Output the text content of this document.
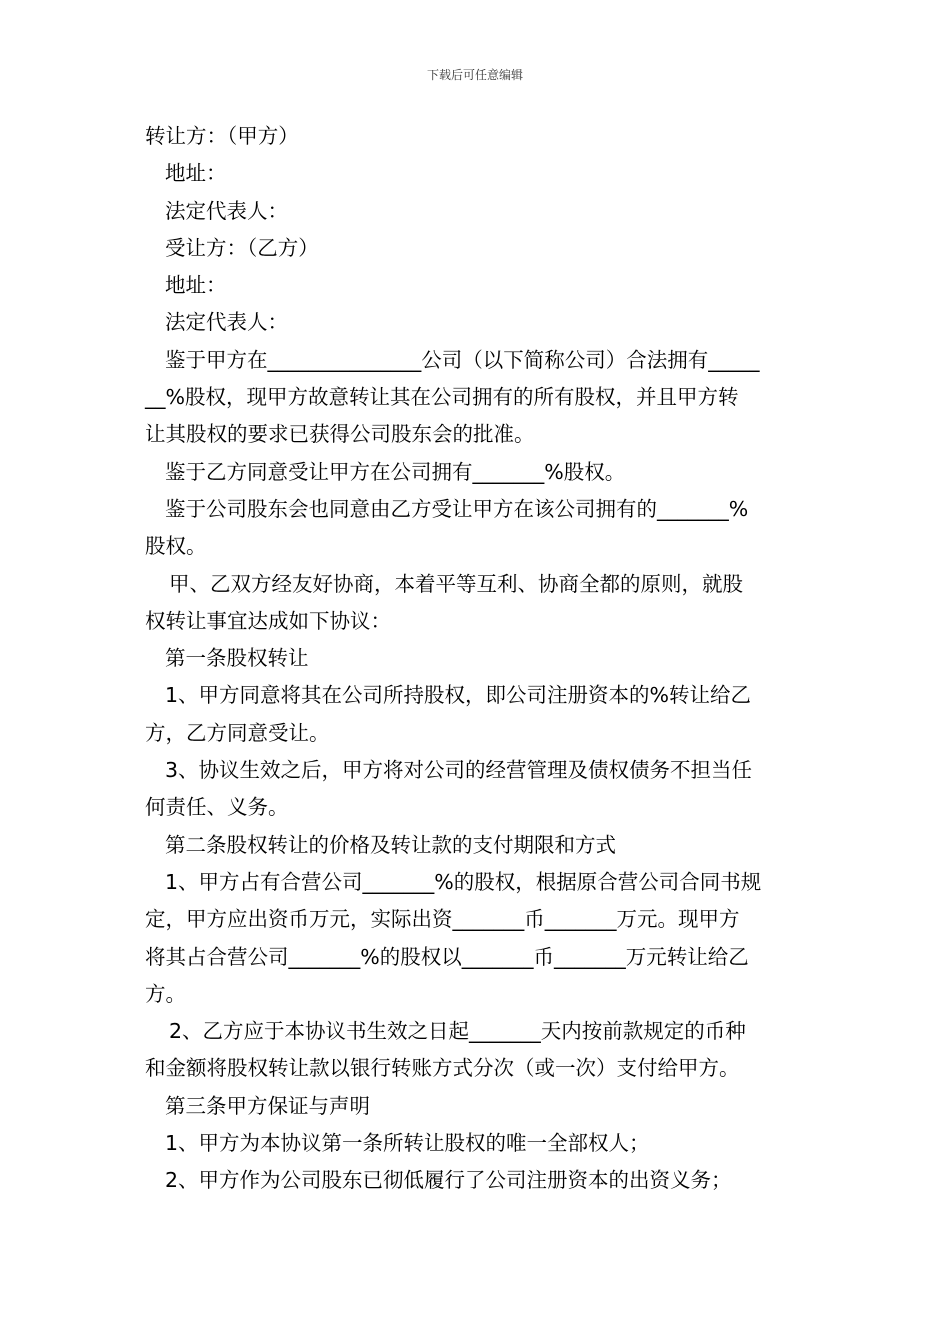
下载后可任意编辑
转让方：（甲方）
地址：
法定代表人：
受让方：（乙方）
地址：
法定代表人：
鉴于甲方在_______________公司（以下简称公司）合法拥有_____
__%股权，现甲方故意转让其在公司拥有的所有股权，并且甲方转
让其股权的要求已获得公司股东会的批准。
鉴于乙方同意受让甲方在公司拥有_______%股权。
鉴于公司股东会也同意由乙方受让甲方在该公司拥有的_______%
股权。
甲、乙双方经友好协商，本着平等互利、协商全都的原则，就股
权转让事宜达成如下协议：
第一条股权转让
1、甲方同意将其在公司所持股权，即公司注册资本的%转让给乙
方，乙方同意受让。
3、协议生效之后，甲方将对公司的经营管理及债权债务不担当任
何责任、义务。
第二条股权转让的价格及转让款的支付期限和方式
1、甲方占有合营公司_______%的股权，根据原合营公司合同书规
定，甲方应出资币万元，实际出资_______币_______万元。现甲方
将其占合营公司_______%的股权以_______币_______万元转让给乙
方。
2、乙方应于本协议书生效之日起_______天内按前款规定的币种
和金额将股权转让款以银行转账方式分次（或一次）支付给甲方。
第三条甲方保证与声明
1、甲方为本协议第一条所转让股权的唯一全部权人；
2、甲方作为公司股东已彻低履行了公司注册资本的出资义务；
